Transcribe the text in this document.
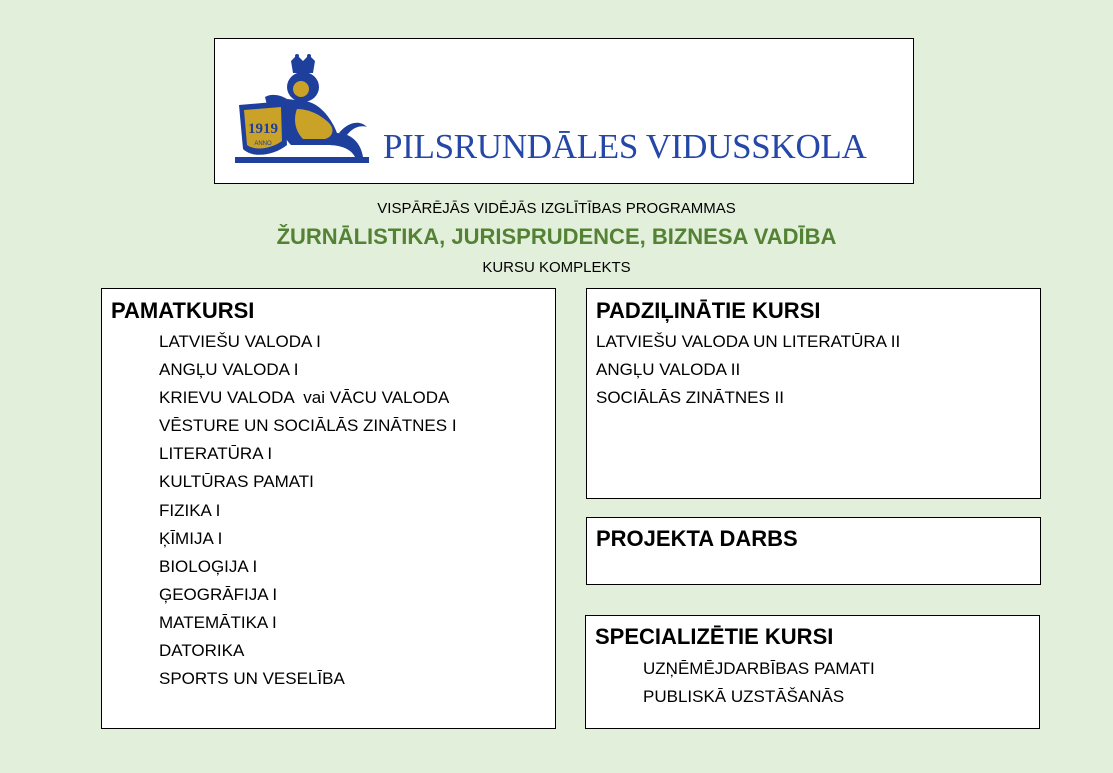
1919
ANNO	PILSRUNDĀLES VIDUSSKOLA

VISPĀRĒJĀS VIDĒJĀS IZGLĪTĪBAS PROGRAMMAS

ŽURNĀLISTIKA, JURISPRUDENCE, BIZNESA VADĪBA

KURSU KOMPLEKTS

PAMATKURSI
LATVIEŠU VALODA I
ANGĻU VALODA I
KRIEVU VALODA  vai VĀCU VALODA
VĒSTURE UN SOCIĀLĀS ZINĀTNES I
LITERATŪRA I
KULTŪRAS PAMATI
FIZIKA I
ĶĪMIJA I
BIOLOĢIJA I
ĢEOGRĀFIJA I
MATEMĀTIKA I
DATORIKA
SPORTS UN VESELĪBA
PADZIĻINĀTIE KURSI
LATVIEŠU VALODA UN LITERATŪRA II
ANGĻU VALODA II
SOCIĀLĀS ZINĀTNES II
PROJEKTA DARBS
SPECIALIZĒTIE KURSI
UZŅĒMĒJDARBĪBAS PAMATI
PUBLISKĀ UZSTĀŠANĀS
